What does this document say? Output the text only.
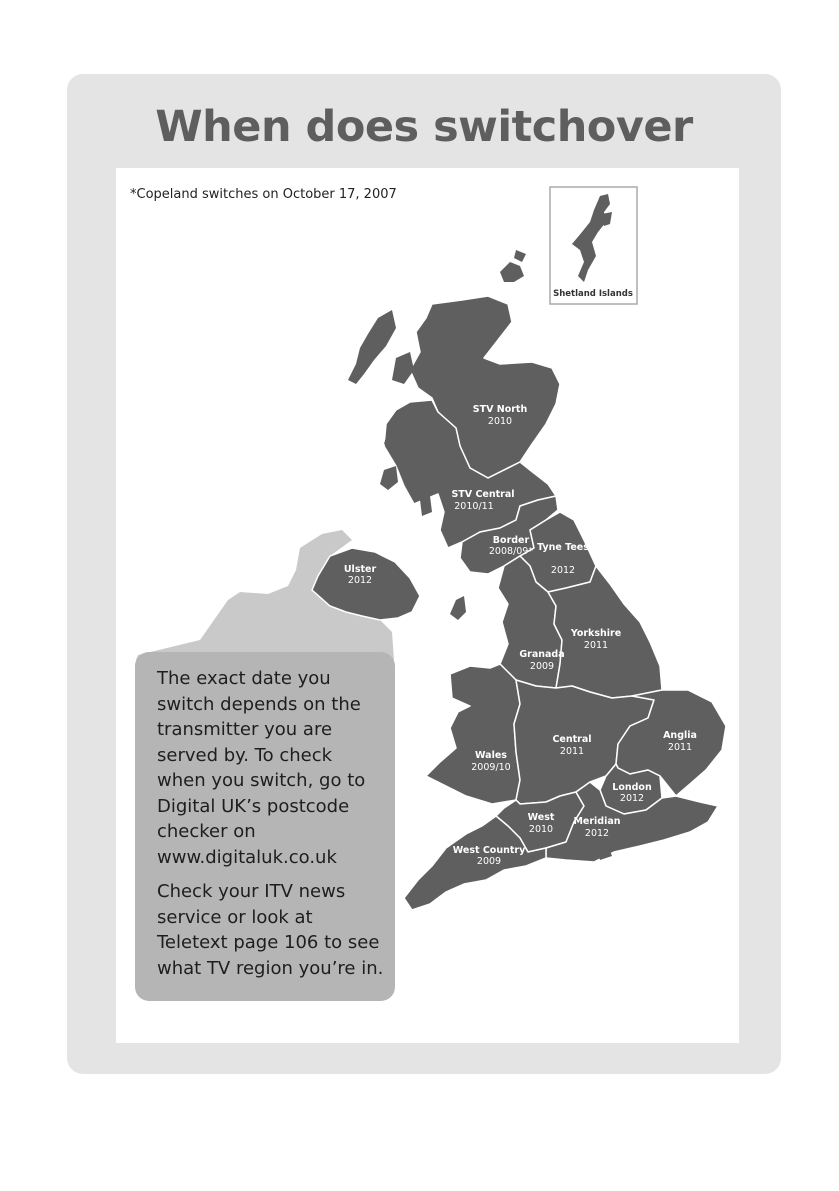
When does switchover
*Copeland switches on October 17, 2007
STV North
2010
STV Central
2010/11
Border
2008/09* Tyne Tees
2012
Ulster
2012
Yorkshire
2011
Granada
2009
Central
2011
Anglia
2011
Wales
2009/10
London
2012
West
2010
Meridian
2012
West Country
2009
Shetland Islands

The exact date you switch depends on the transmitter you are served by. To check when you switch, go to Digital UK’s postcode checker on www.digitaluk.co.uk

Check your ITV news service or look at Teletext page 106 to see what TV region you’re in.
